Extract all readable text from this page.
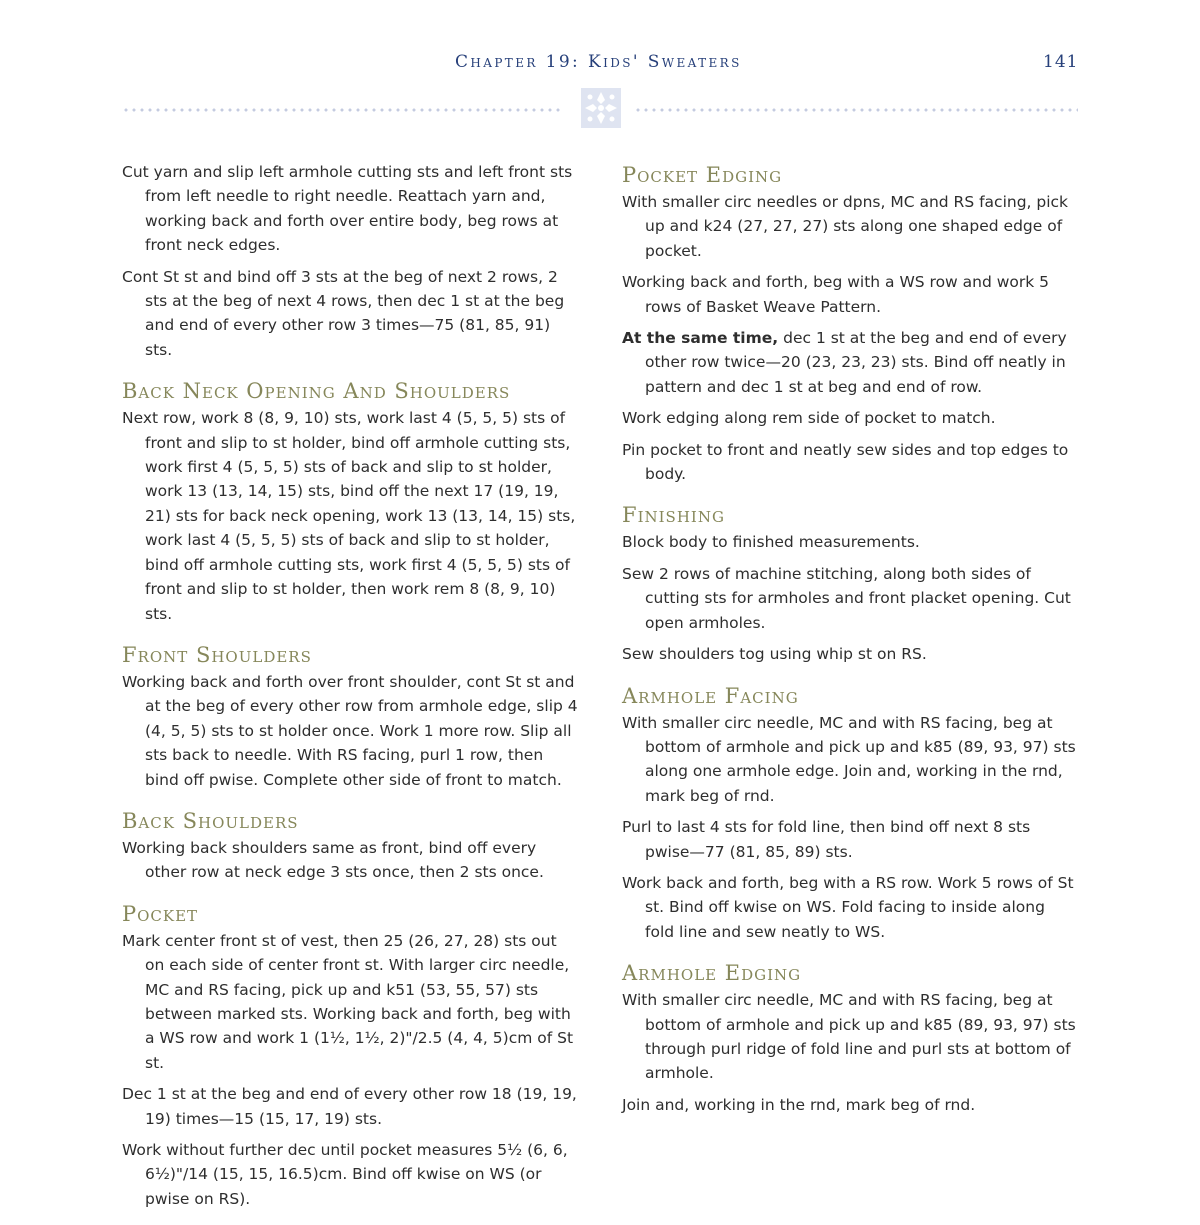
Chapter 19: Kids' Sweaters	141

Cut yarn and slip left armhole cutting sts and left front sts from left needle to right needle. Reattach yarn and, working back and forth over entire body, beg rows at front neck edges.

Cont St st and bind off 3 sts at the beg of next 2 rows, 2 sts at the beg of next 4 rows, then dec 1 st at the beg and end of every other row 3 times—75 (81, 85, 91) sts.

Back Neck Opening And Shoulders

Next row, work 8 (8, 9, 10) sts, work last 4 (5, 5, 5) sts of front and slip to st holder, bind off armhole cutting sts, work first 4 (5, 5, 5) sts of back and slip to st holder, work 13 (13, 14, 15) sts, bind off the next 17 (19, 19, 21) sts for back neck opening, work 13 (13, 14, 15) sts, work last 4 (5, 5, 5) sts of back and slip to st holder, bind off armhole cutting sts, work first 4 (5, 5, 5) sts of front and slip to st holder, then work rem 8 (8, 9, 10) sts.

Front Shoulders

Working back and forth over front shoulder, cont St st and at the beg of every other row from armhole edge, slip 4 (4, 5, 5) sts to st holder once. Work 1 more row. Slip all sts back to needle. With RS facing, purl 1 row, then bind off pwise. Complete other side of front to match.

Back Shoulders

Working back shoulders same as front, bind off every other row at neck edge 3 sts once, then 2 sts once.

Pocket

Mark center front st of vest, then 25 (26, 27, 28) sts out on each side of center front st. With larger circ needle, MC and RS facing, pick up and k51 (53, 55, 57) sts between marked sts. Working back and forth, beg with a WS row and work 1 (1½, 1½, 2)"/2.5 (4, 4, 5)cm of St st.

Dec 1 st at the beg and end of every other row 18 (19, 19, 19) times—15 (15, 17, 19) sts.

Work without further dec until pocket measures 5½ (6, 6, 6½)"/14 (15, 15, 16.5)cm. Bind off kwise on WS (or pwise on RS).

Pocket Edging

With smaller circ needles or dpns, MC and RS facing, pick up and k24 (27, 27, 27) sts along one shaped edge of pocket.

Working back and forth, beg with a WS row and work 5 rows of Basket Weave Pattern.

At the same time, dec 1 st at the beg and end of every other row twice—20 (23, 23, 23) sts. Bind off neatly in pattern and dec 1 st at beg and end of row.

Work edging along rem side of pocket to match.

Pin pocket to front and neatly sew sides and top edges to body.

Finishing

Block body to finished measurements.

Sew 2 rows of machine stitching, along both sides of cutting sts for armholes and front placket opening. Cut open armholes.

Sew shoulders tog using whip st on RS.

Armhole Facing

With smaller circ needle, MC and with RS facing, beg at bottom of armhole and pick up and k85 (89, 93, 97) sts along one armhole edge. Join and, working in the rnd, mark beg of rnd.

Purl to last 4 sts for fold line, then bind off next 8 sts pwise—77 (81, 85, 89) sts.

Work back and forth, beg with a RS row. Work 5 rows of St st. Bind off kwise on WS. Fold facing to inside along fold line and sew neatly to WS.

Armhole Edging

With smaller circ needle, MC and with RS facing, beg at bottom of armhole and pick up and k85 (89, 93, 97) sts through purl ridge of fold line and purl sts at bottom of armhole.

Join and, working in the rnd, mark beg of rnd.
